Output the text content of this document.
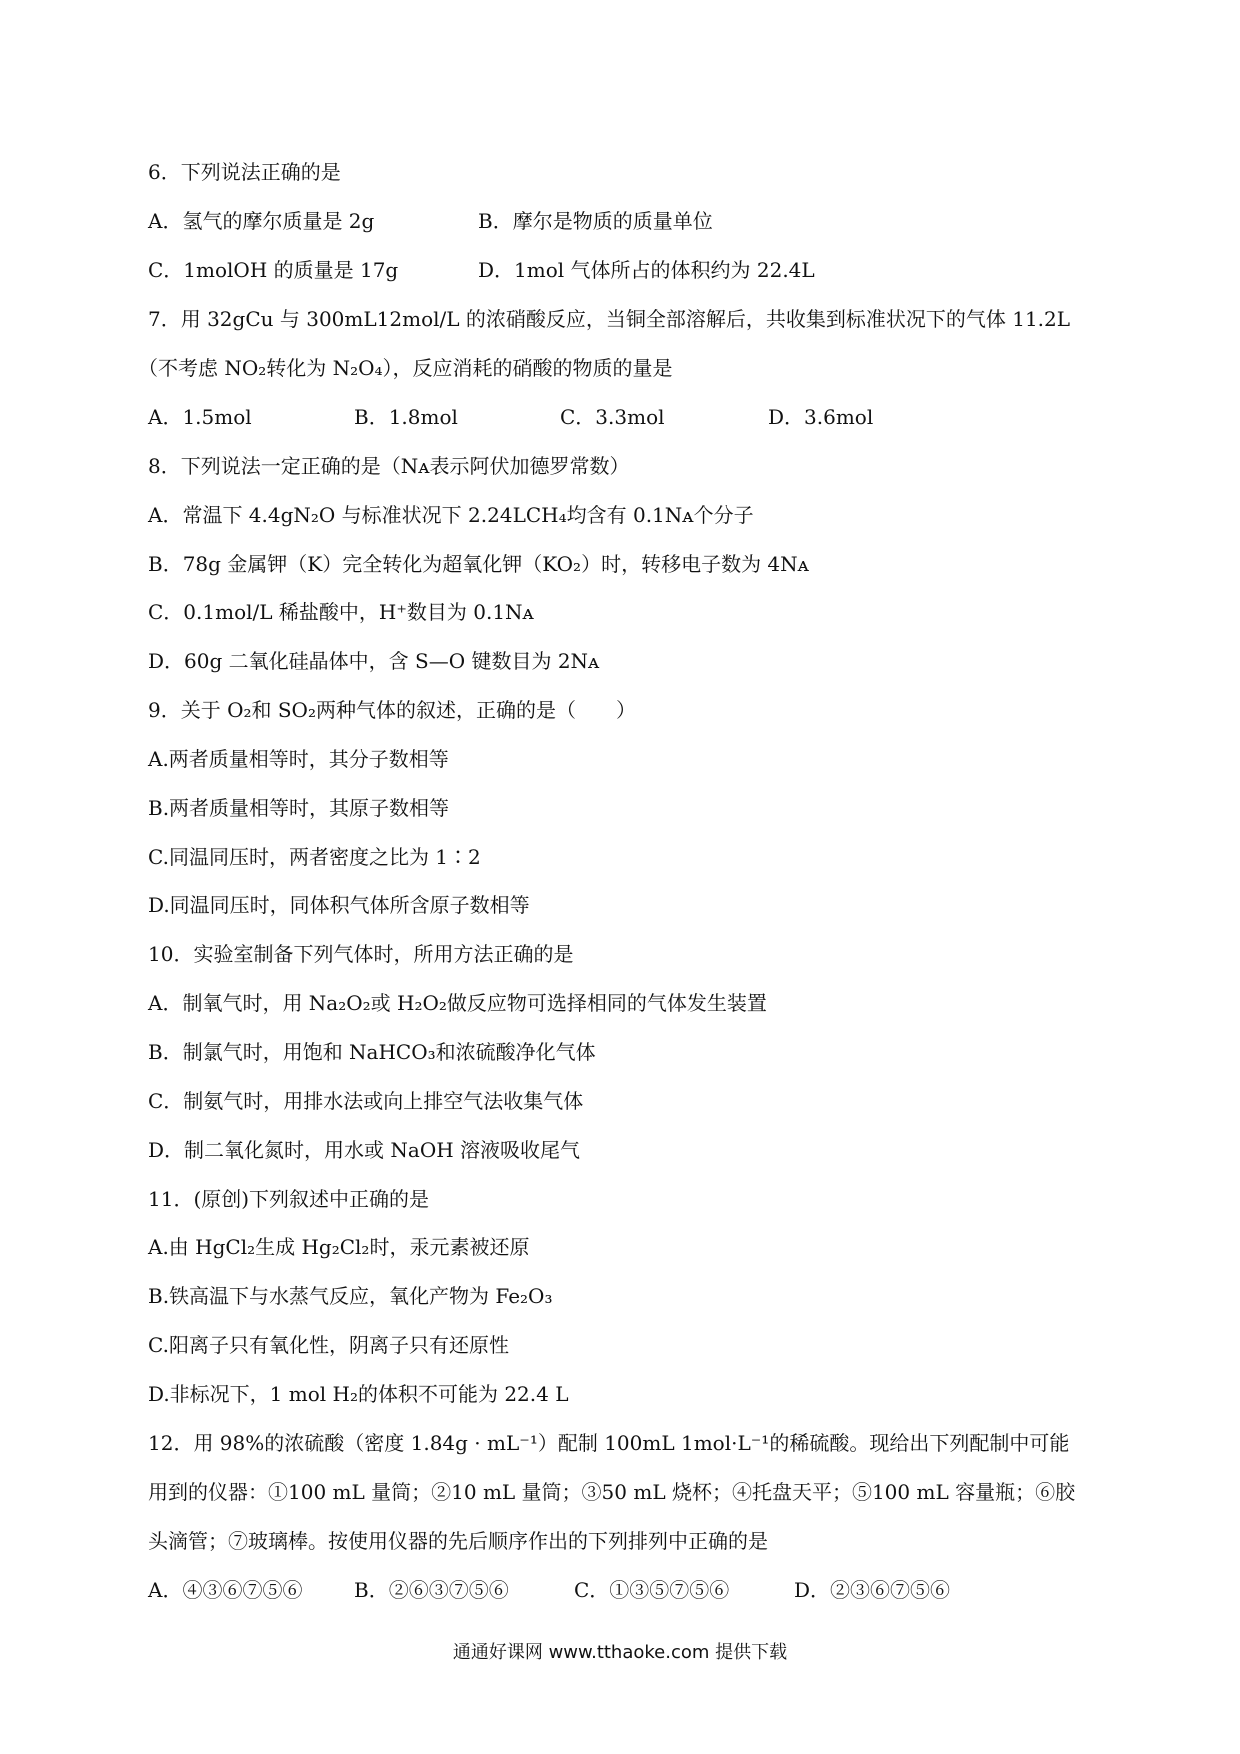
6．下列说法正确的是
A．氢气的摩尔质量是 2g	B．摩尔是物质的质量单位
C．1molOH 的质量是 17g	D．1mol 气体所占的体积约为 22.4L
7．用 32gCu 与 300mL12mol/L 的浓硝酸反应，当铜全部溶解后，共收集到标准状况下的气体 11.2L
（不考虑 NO₂转化为 N₂O₄），反应消耗的硝酸的物质的量是
A．1.5mol	B．1.8mol	C．3.3mol	D．3.6mol
8．下列说法一定正确的是（Nᴀ表示阿伏加德罗常数）
A．常温下 4.4gN₂O 与标准状况下 2.24LCH₄均含有 0.1Nᴀ个分子
B．78g 金属钾（K）完全转化为超氧化钾（KO₂）时，转移电子数为 4Nᴀ
C．0.1mol/L 稀盐酸中，H⁺数目为 0.1Nᴀ
D．60g 二氧化硅晶体中，含 S—O 键数目为 2Nᴀ
9．关于 O₂和 SO₂两种气体的叙述，正确的是（　　）
A.两者质量相等时，其分子数相等
B.两者质量相等时，其原子数相等
C.同温同压时，两者密度之比为 1∶2
D.同温同压时，同体积气体所含原子数相等
10．实验室制备下列气体时，所用方法正确的是
A．制氧气时，用 Na₂O₂或 H₂O₂做反应物可选择相同的气体发生装置
B．制氯气时，用饱和 NaHCO₃和浓硫酸净化气体
C．制氨气时，用排水法或向上排空气法收集气体
D．制二氧化氮时，用水或 NaOH 溶液吸收尾气
11．(原创)下列叙述中正确的是
A.由 HgCl₂生成 Hg₂Cl₂时，汞元素被还原
B.铁高温下与水蒸气反应，氧化产物为 Fe₂O₃
C.阳离子只有氧化性，阴离子只有还原性
D.非标况下，1 mol H₂的体积不可能为 22.4 L
12．用 98%的浓硫酸（密度 1.84g · mL⁻¹）配制 100mL 1mol·L⁻¹的稀硫酸。现给出下列配制中可能
用到的仪器：①100 mL 量筒；②10 mL 量筒；③50 mL 烧杯；④托盘天平；⑤100 mL 容量瓶；⑥胶
头滴管；⑦玻璃棒。按使用仪器的先后顺序作出的下列排列中正确的是
A．④③⑥⑦⑤⑥	B．②⑥③⑦⑤⑥	C．①③⑤⑦⑤⑥	D．②③⑥⑦⑤⑥
通通好课网 www.tthaoke.com 提供下载
